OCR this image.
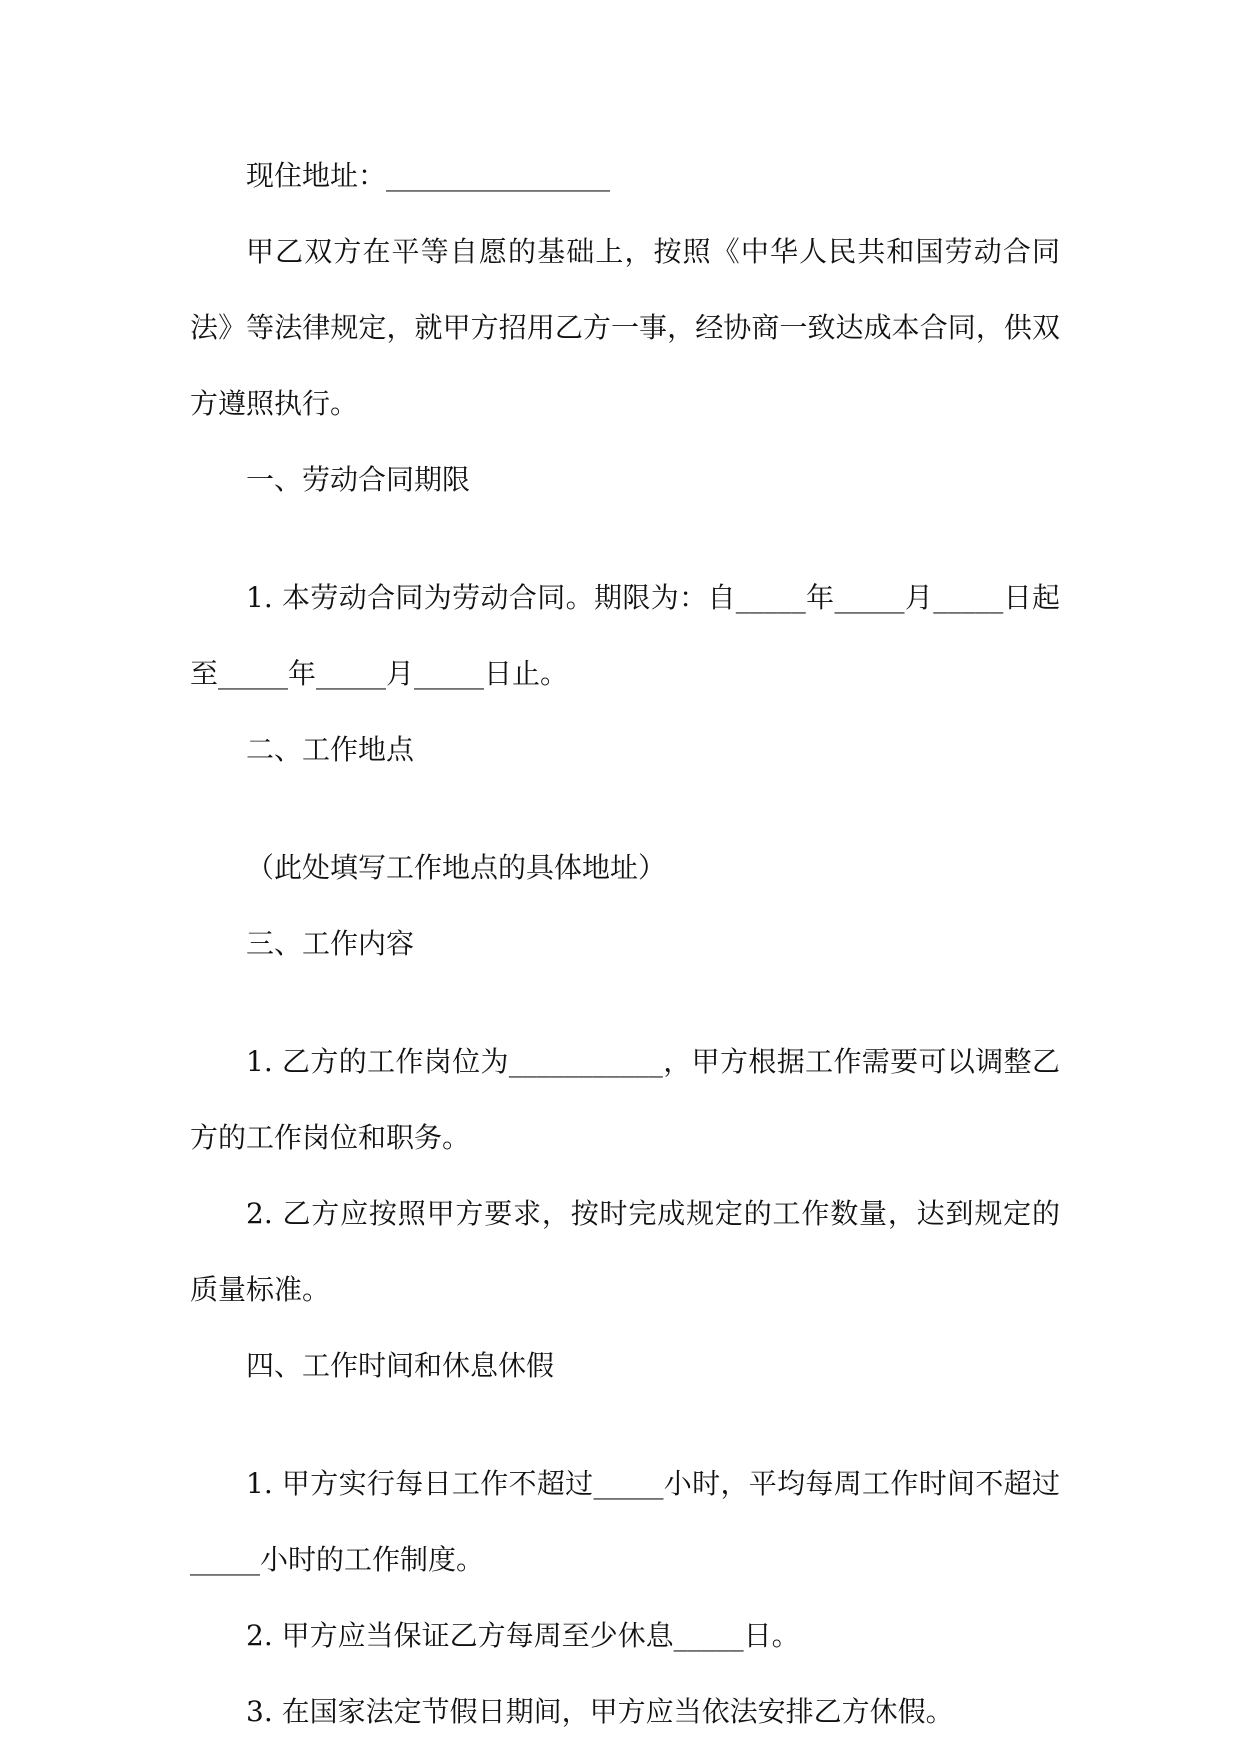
现住地址：________________

甲乙双方在平等自愿的基础上，按照《中华人民共和国劳动合同法》等法律规定，就甲方招用乙方一事，经协商一致达成本合同，供双方遵照执行。

一、劳动合同期限

1. 本劳动合同为劳动合同。期限为：自_____年_____月_____日起至_____年_____月_____日止。

二、工作地点

（此处填写工作地点的具体地址）

三、工作内容

1. 乙方的工作岗位为___________，甲方根据工作需要可以调整乙方的工作岗位和职务。

2. 乙方应按照甲方要求，按时完成规定的工作数量，达到规定的质量标准。

四、工作时间和休息休假

1. 甲方实行每日工作不超过_____小时，平均每周工作时间不超过_____小时的工作制度。

2. 甲方应当保证乙方每周至少休息_____日。

3. 在国家法定节假日期间，甲方应当依法安排乙方休假。
